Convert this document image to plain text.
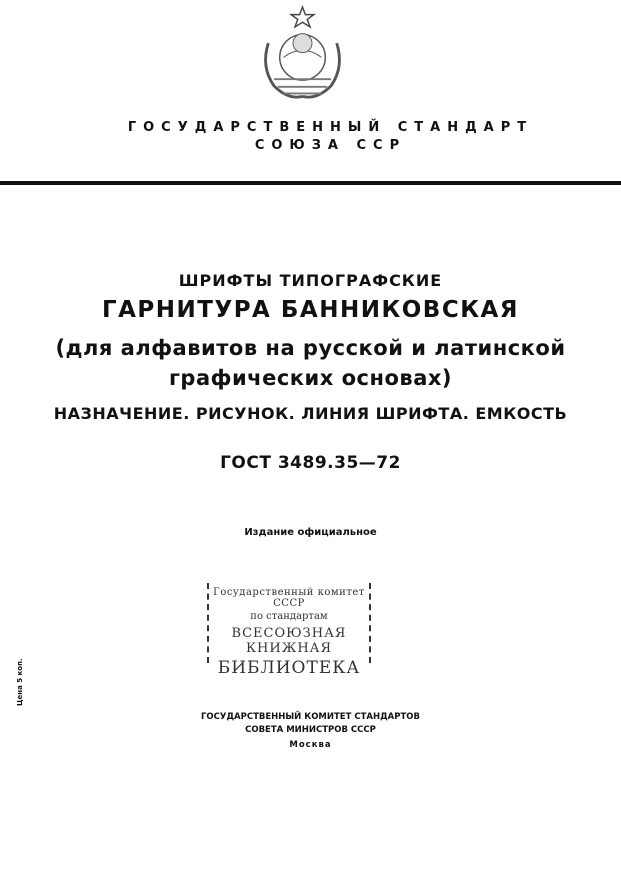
ГОСУДАРСТВЕННЫЙ СТАНДАРТ
СОЮЗА ССР
ШРИФТЫ ТИПОГРАФСКИЕ
ГАРНИТУРА БАННИКОВСКАЯ
(для алфавитов на русской и латинской
графических основах)
НАЗНАЧЕНИЕ. РИСУНОК. ЛИНИЯ ШРИФТА. ЕМКОСТЬ
ГОСТ 3489.35—72
Издание официальное
Государственный комитет СССР
по стандартам
ВСЕСОЮЗНАЯ КНИЖНАЯ
БИБЛИОТЕКА
Цена 5 коп.
ГОСУДАРСТВЕННЫЙ КОМИТЕТ СТАНДАРТОВ
СОВЕТА МИНИСТРОВ СССР
Москва
